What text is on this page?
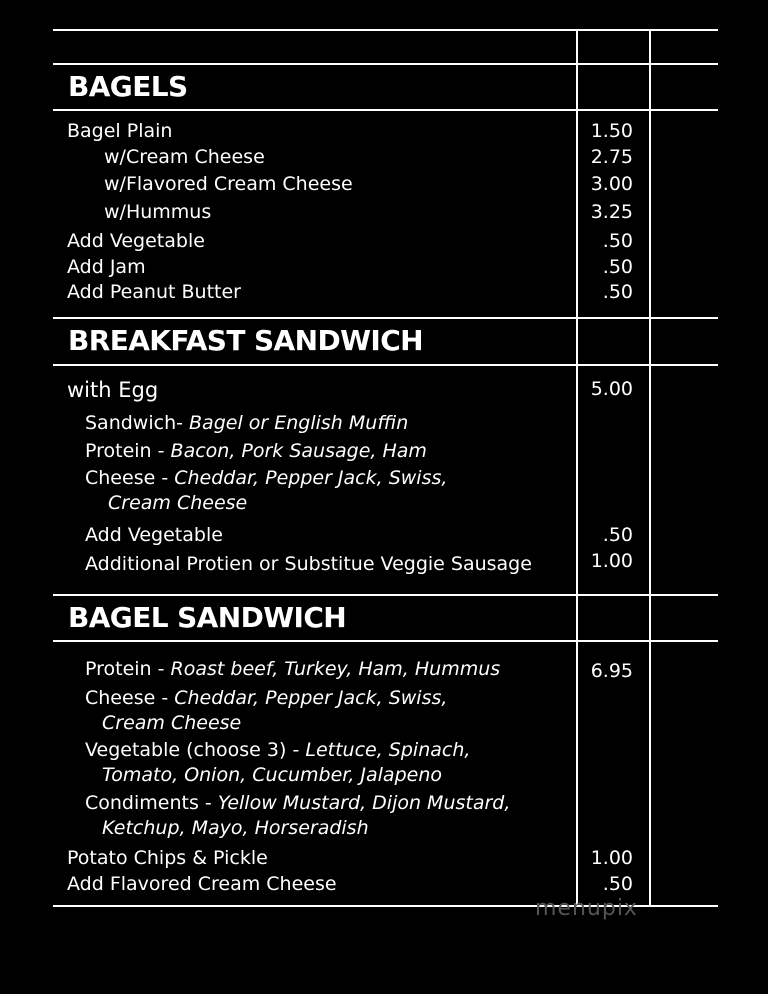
BAGELS
Bagel Plain	1.50
w/Cream Cheese	2.75
w/Flavored Cream Cheese	3.00
w/Hummus	3.25
Add Vegetable	.50
Add Jam	.50
Add Peanut Butter	.50
BREAKFAST SANDWICH
with Egg	5.00
Sandwich- Bagel or English Muffin
Protein - Bacon, Pork Sausage, Ham
Cheese - Cheddar, Pepper Jack, Swiss,
Cream Cheese
Add Vegetable	.50
Additional Protien or Substitue Veggie Sausage	1.00
BAGEL SANDWICH
Protein - Roast beef, Turkey, Ham, Hummus	6.95
Cheese - Cheddar, Pepper Jack, Swiss,
Cream Cheese
Vegetable (choose 3) - Lettuce, Spinach,
Tomato, Onion, Cucumber, Jalapeno
Condiments - Yellow Mustard, Dijon Mustard,
Ketchup, Mayo, Horseradish
Potato Chips & Pickle	1.00
Add Flavored Cream Cheese	.50
menupix
